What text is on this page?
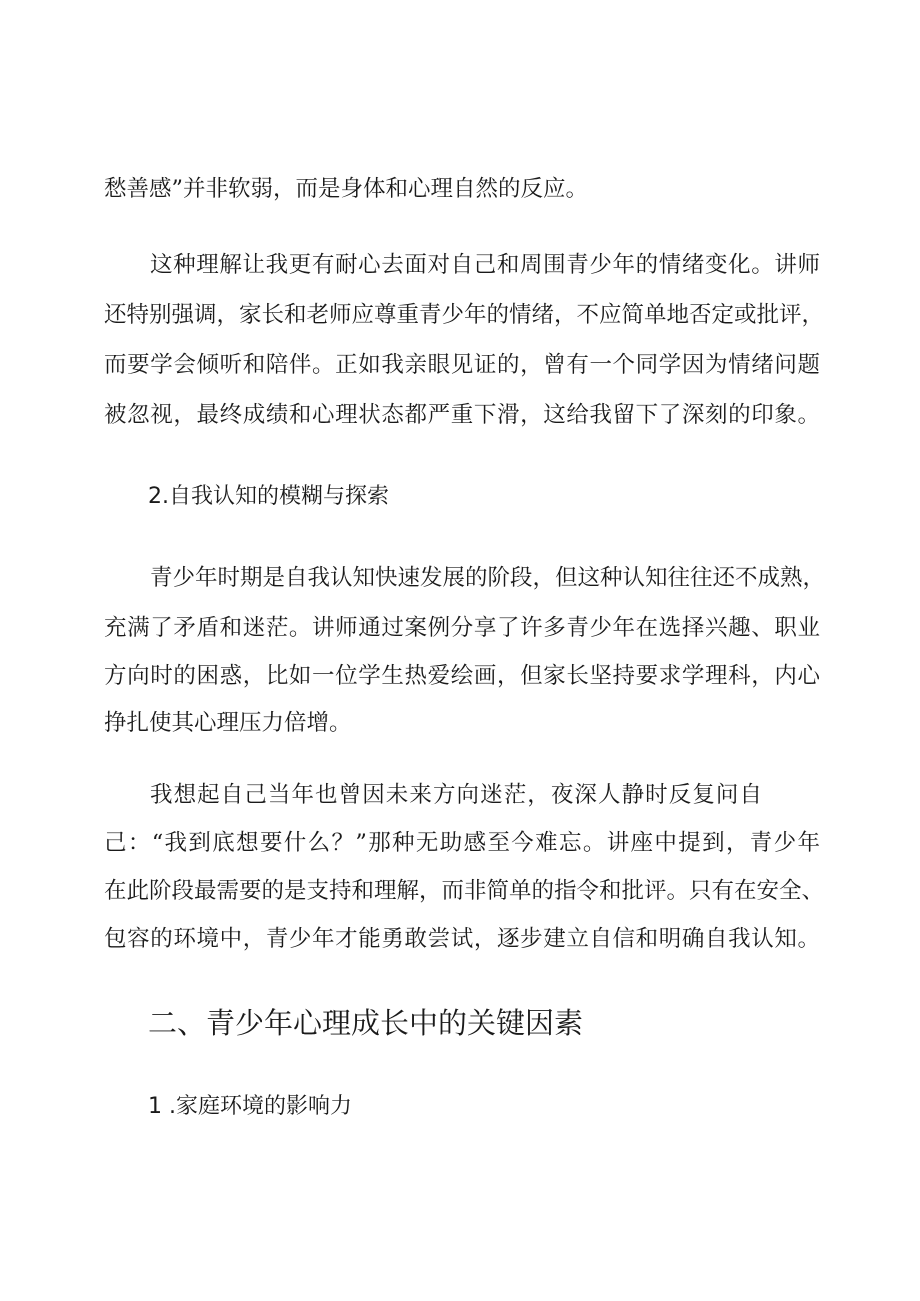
愁善感”并非软弱，而是身体和心理自然的反应。
这种理解让我更有耐心去面对自己和周围青少年的情绪变化。讲师
还特别强调，家长和老师应尊重青少年的情绪，不应简单地否定或批评，
而要学会倾听和陪伴。正如我亲眼见证的，曾有一个同学因为情绪问题
被忽视，最终成绩和心理状态都严重下滑，这给我留下了深刻的印象。
2.自我认知的模糊与探索
青少年时期是自我认知快速发展的阶段，但这种认知往往还不成熟，
充满了矛盾和迷茫。讲师通过案例分享了许多青少年在选择兴趣、职业
方向时的困惑，比如一位学生热爱绘画，但家长坚持要求学理科，内心
挣扎使其心理压力倍增。
我想起自己当年也曾因未来方向迷茫，夜深人静时反复问自
己：“我到底想要什么？”那种无助感至今难忘。讲座中提到，青少年
在此阶段最需要的是支持和理解，而非简单的指令和批评。只有在安全、
包容的环境中，青少年才能勇敢尝试，逐步建立自信和明确自我认知。
二、青少年心理成长中的关键因素
1 .家庭环境的影响力
